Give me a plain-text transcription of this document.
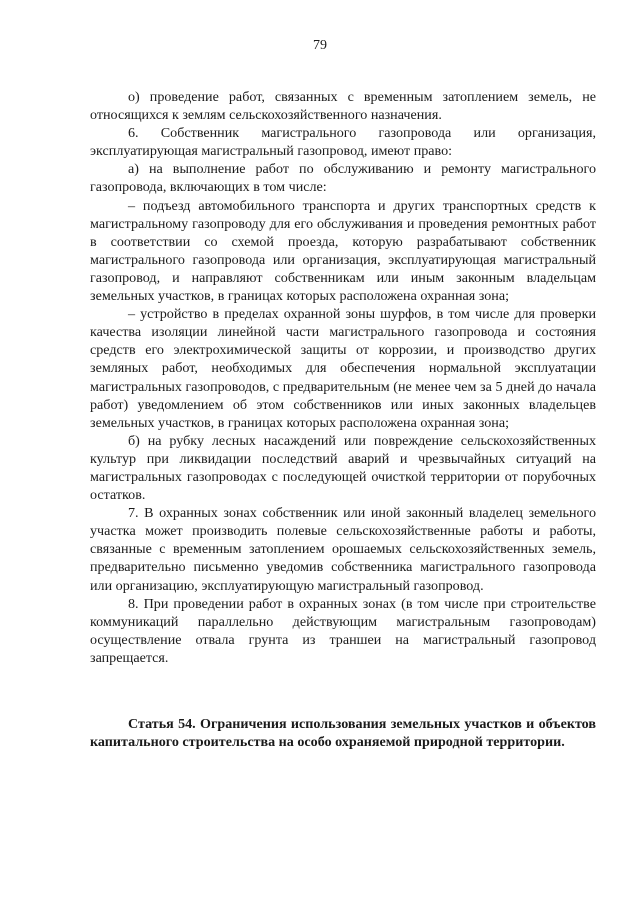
79

о) проведение работ, связанных с временным затоплением земель, не относящихся к землям сельскохозяйственного назначения.

6. Собственник магистрального газопровода или организация, эксплуатирующая магистральный газопровод, имеют право:

а) на выполнение работ по обслуживанию и ремонту магистрального газопровода, включающих в том числе:

– подъезд автомобильного транспорта и других транспортных средств к магистральному газопроводу для его обслуживания и проведения ремонтных работ в соответствии со схемой проезда, которую разрабатывают собственник магистрального газопровода или организация, эксплуатирующая магистральный газопровод, и направляют собственникам или иным законным владельцам земельных участков, в границах которых расположена охранная зона;

– устройство в пределах охранной зоны шурфов, в том числе для проверки качества изоляции линейной части магистрального газопровода и состояния средств его электрохимической защиты от коррозии, и производство других земляных работ, необходимых для обеспечения нормальной эксплуатации магистральных газопроводов, с предварительным (не менее чем за 5 дней до начала работ) уведомлением об этом собственников или иных законных владельцев земельных участков, в границах которых расположена охранная зона;

б) на рубку лесных насаждений или повреждение сельскохозяйственных культур при ликвидации последствий аварий и чрезвычайных ситуаций на магистральных газопроводах с последующей очисткой территории от порубочных остатков.

7. В охранных зонах собственник или иной законный владелец земельного участка может производить полевые сельскохозяйственные работы и работы, связанные с временным затоплением орошаемых сельскохозяйственных земель, предварительно письменно уведомив собственника магистрального газопровода или организацию, эксплуатирующую магистральный газопровод.

8. При проведении работ в охранных зонах (в том числе при строительстве коммуникаций параллельно действующим магистральным газопроводам) осуществление отвала грунта из траншеи на магистральный газопровод запрещается.

Статья 54. Ограничения использования земельных участков и объектов капитального строительства на особо охраняемой природной территории.
